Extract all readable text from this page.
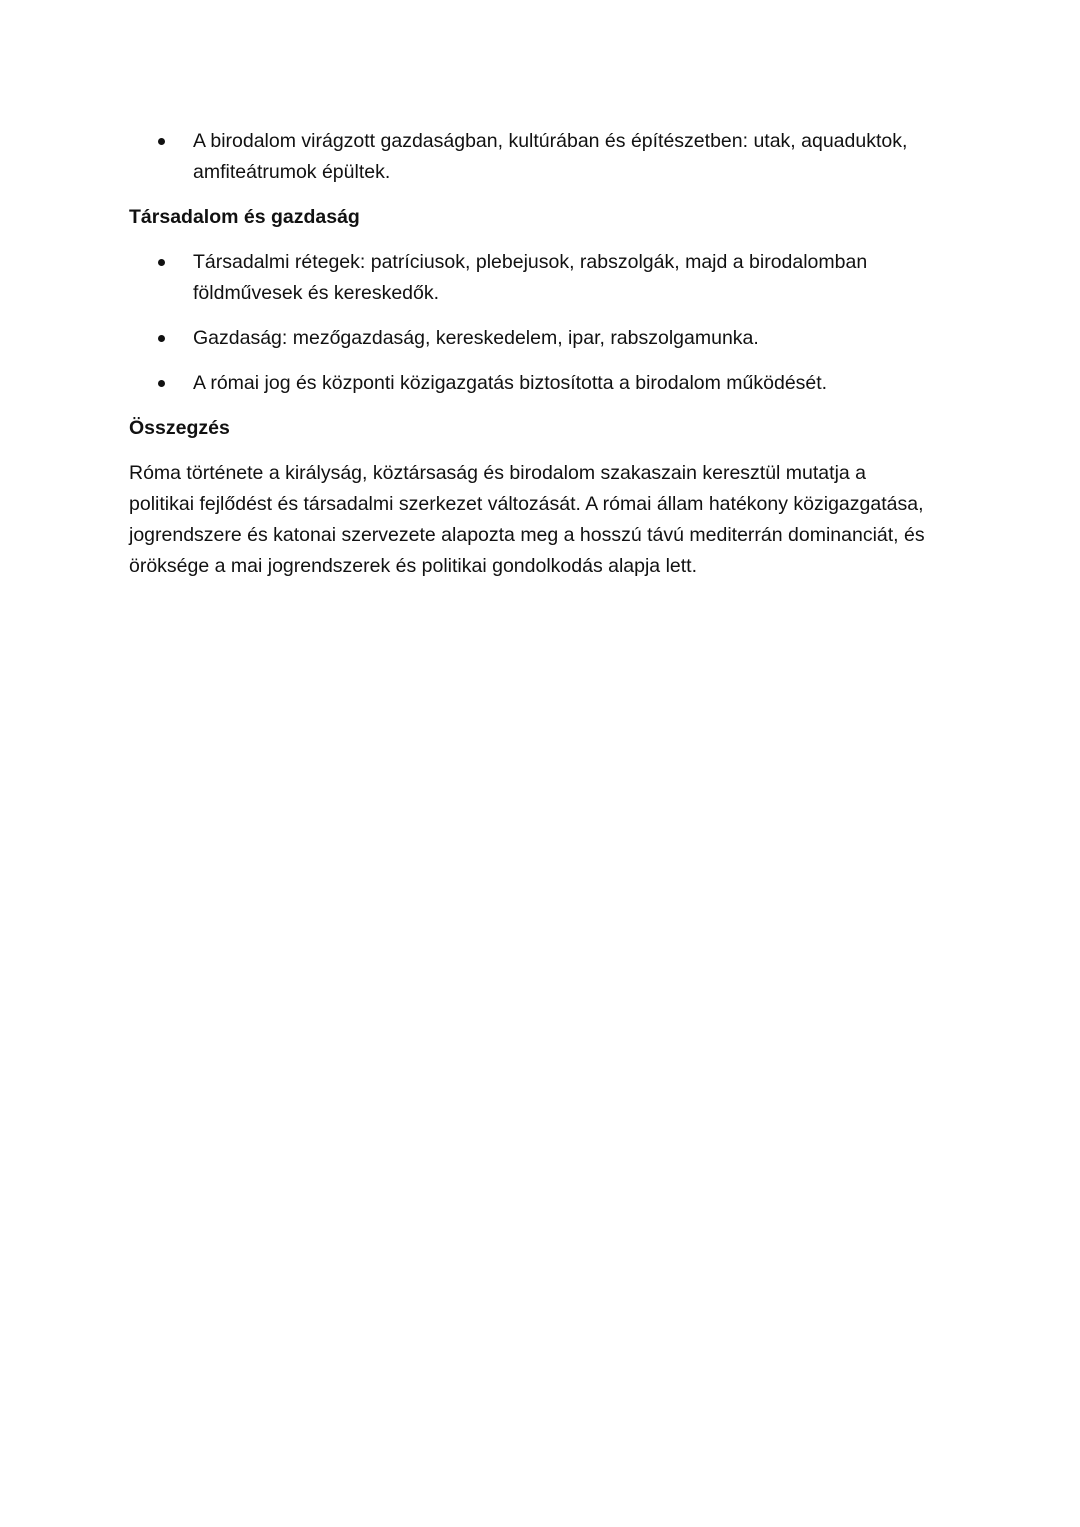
A birodalom virágzott gazdaságban, kultúrában és építészetben: utak, aquaduktok, amfiteátrumok épültek.
Társadalom és gazdaság
Társadalmi rétegek: patríciusok, plebejusok, rabszolgák, majd a birodalomban földművesek és kereskedők.
Gazdaság: mezőgazdaság, kereskedelem, ipar, rabszolgamunka.
A római jog és központi közigazgatás biztosította a birodalom működését.
Összegzés

Róma története a királyság, köztársaság és birodalom szakaszain keresztül mutatja a politikai fejlődést és társadalmi szerkezet változását. A római állam hatékony közigazgatása, jogrendszere és katonai szervezete alapozta meg a hosszú távú mediterrán dominanciát, és öröksége a mai jogrendszerek és politikai gondolkodás alapja lett.
